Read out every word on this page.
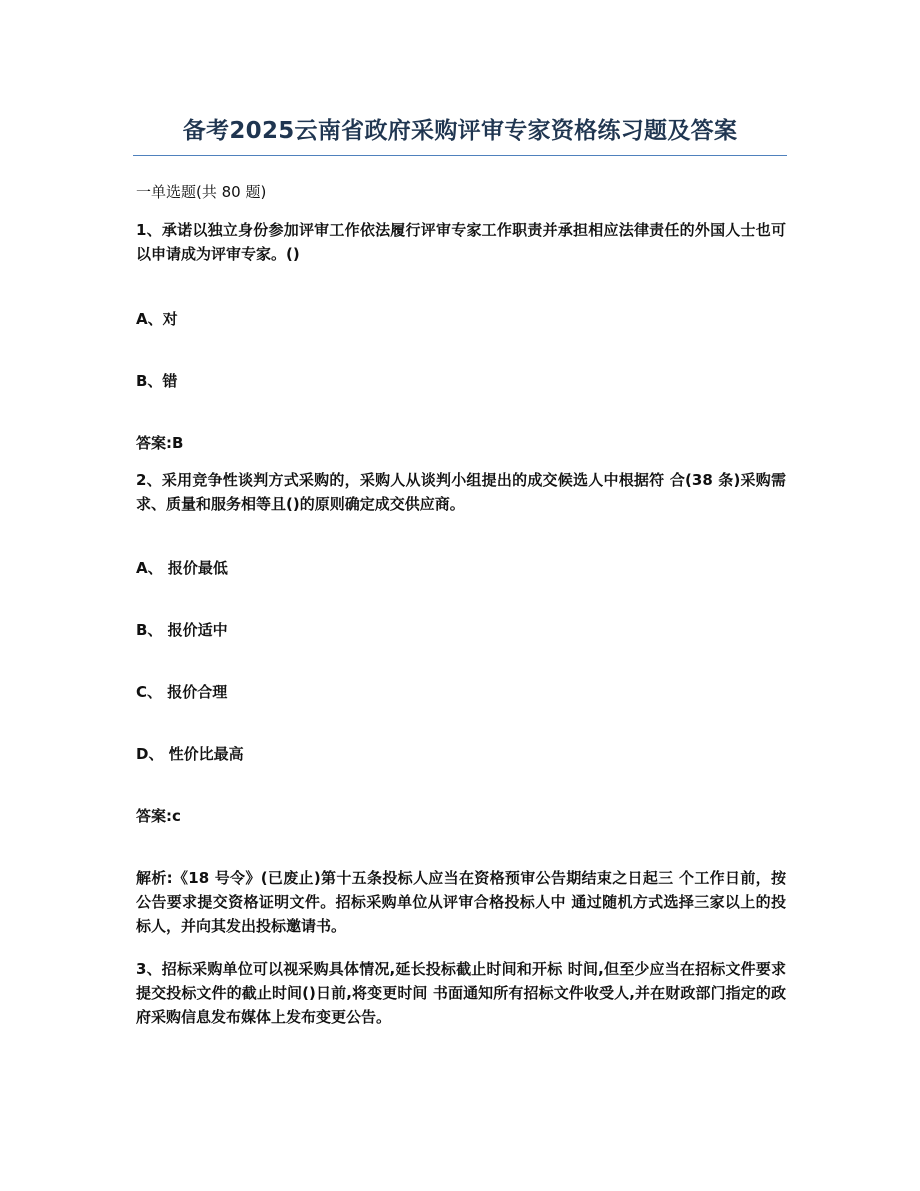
备考2025云南省政府采购评审专家资格练习题及答案
一单选题(共 80 题)
1、承诺以独立身份参加评审工作依法履行评审专家工作职责并承担相应法律责任的外国人士也可以申请成为评审专家。()
A、对
B、错
答案:B
2、采用竞争性谈判方式采购的，采购人从谈判小组提出的成交候选人中根据符 合(38 条)采购需求、质量和服务相等且()的原则确定成交供应商。
A、 报价最低
B、 报价适中
C、 报价合理
D、 性价比最高
答案:c
解析:《18 号令》(已废止)第十五条投标人应当在资格预审公告期结束之日起三 个工作日前，按公告要求提交资格证明文件。招标采购单位从评审合格投标人中 通过随机方式选择三家以上的投标人，并向其发出投标邀请书。
3、招标采购单位可以视采购具体情况,延长投标截止时间和开标 时间,但至少应当在招标文件要求提交投标文件的截止时间()日前,将变更时间 书面通知所有招标文件收受人,并在财政部门指定的政府采购信息发布媒体上发布变更公告。
